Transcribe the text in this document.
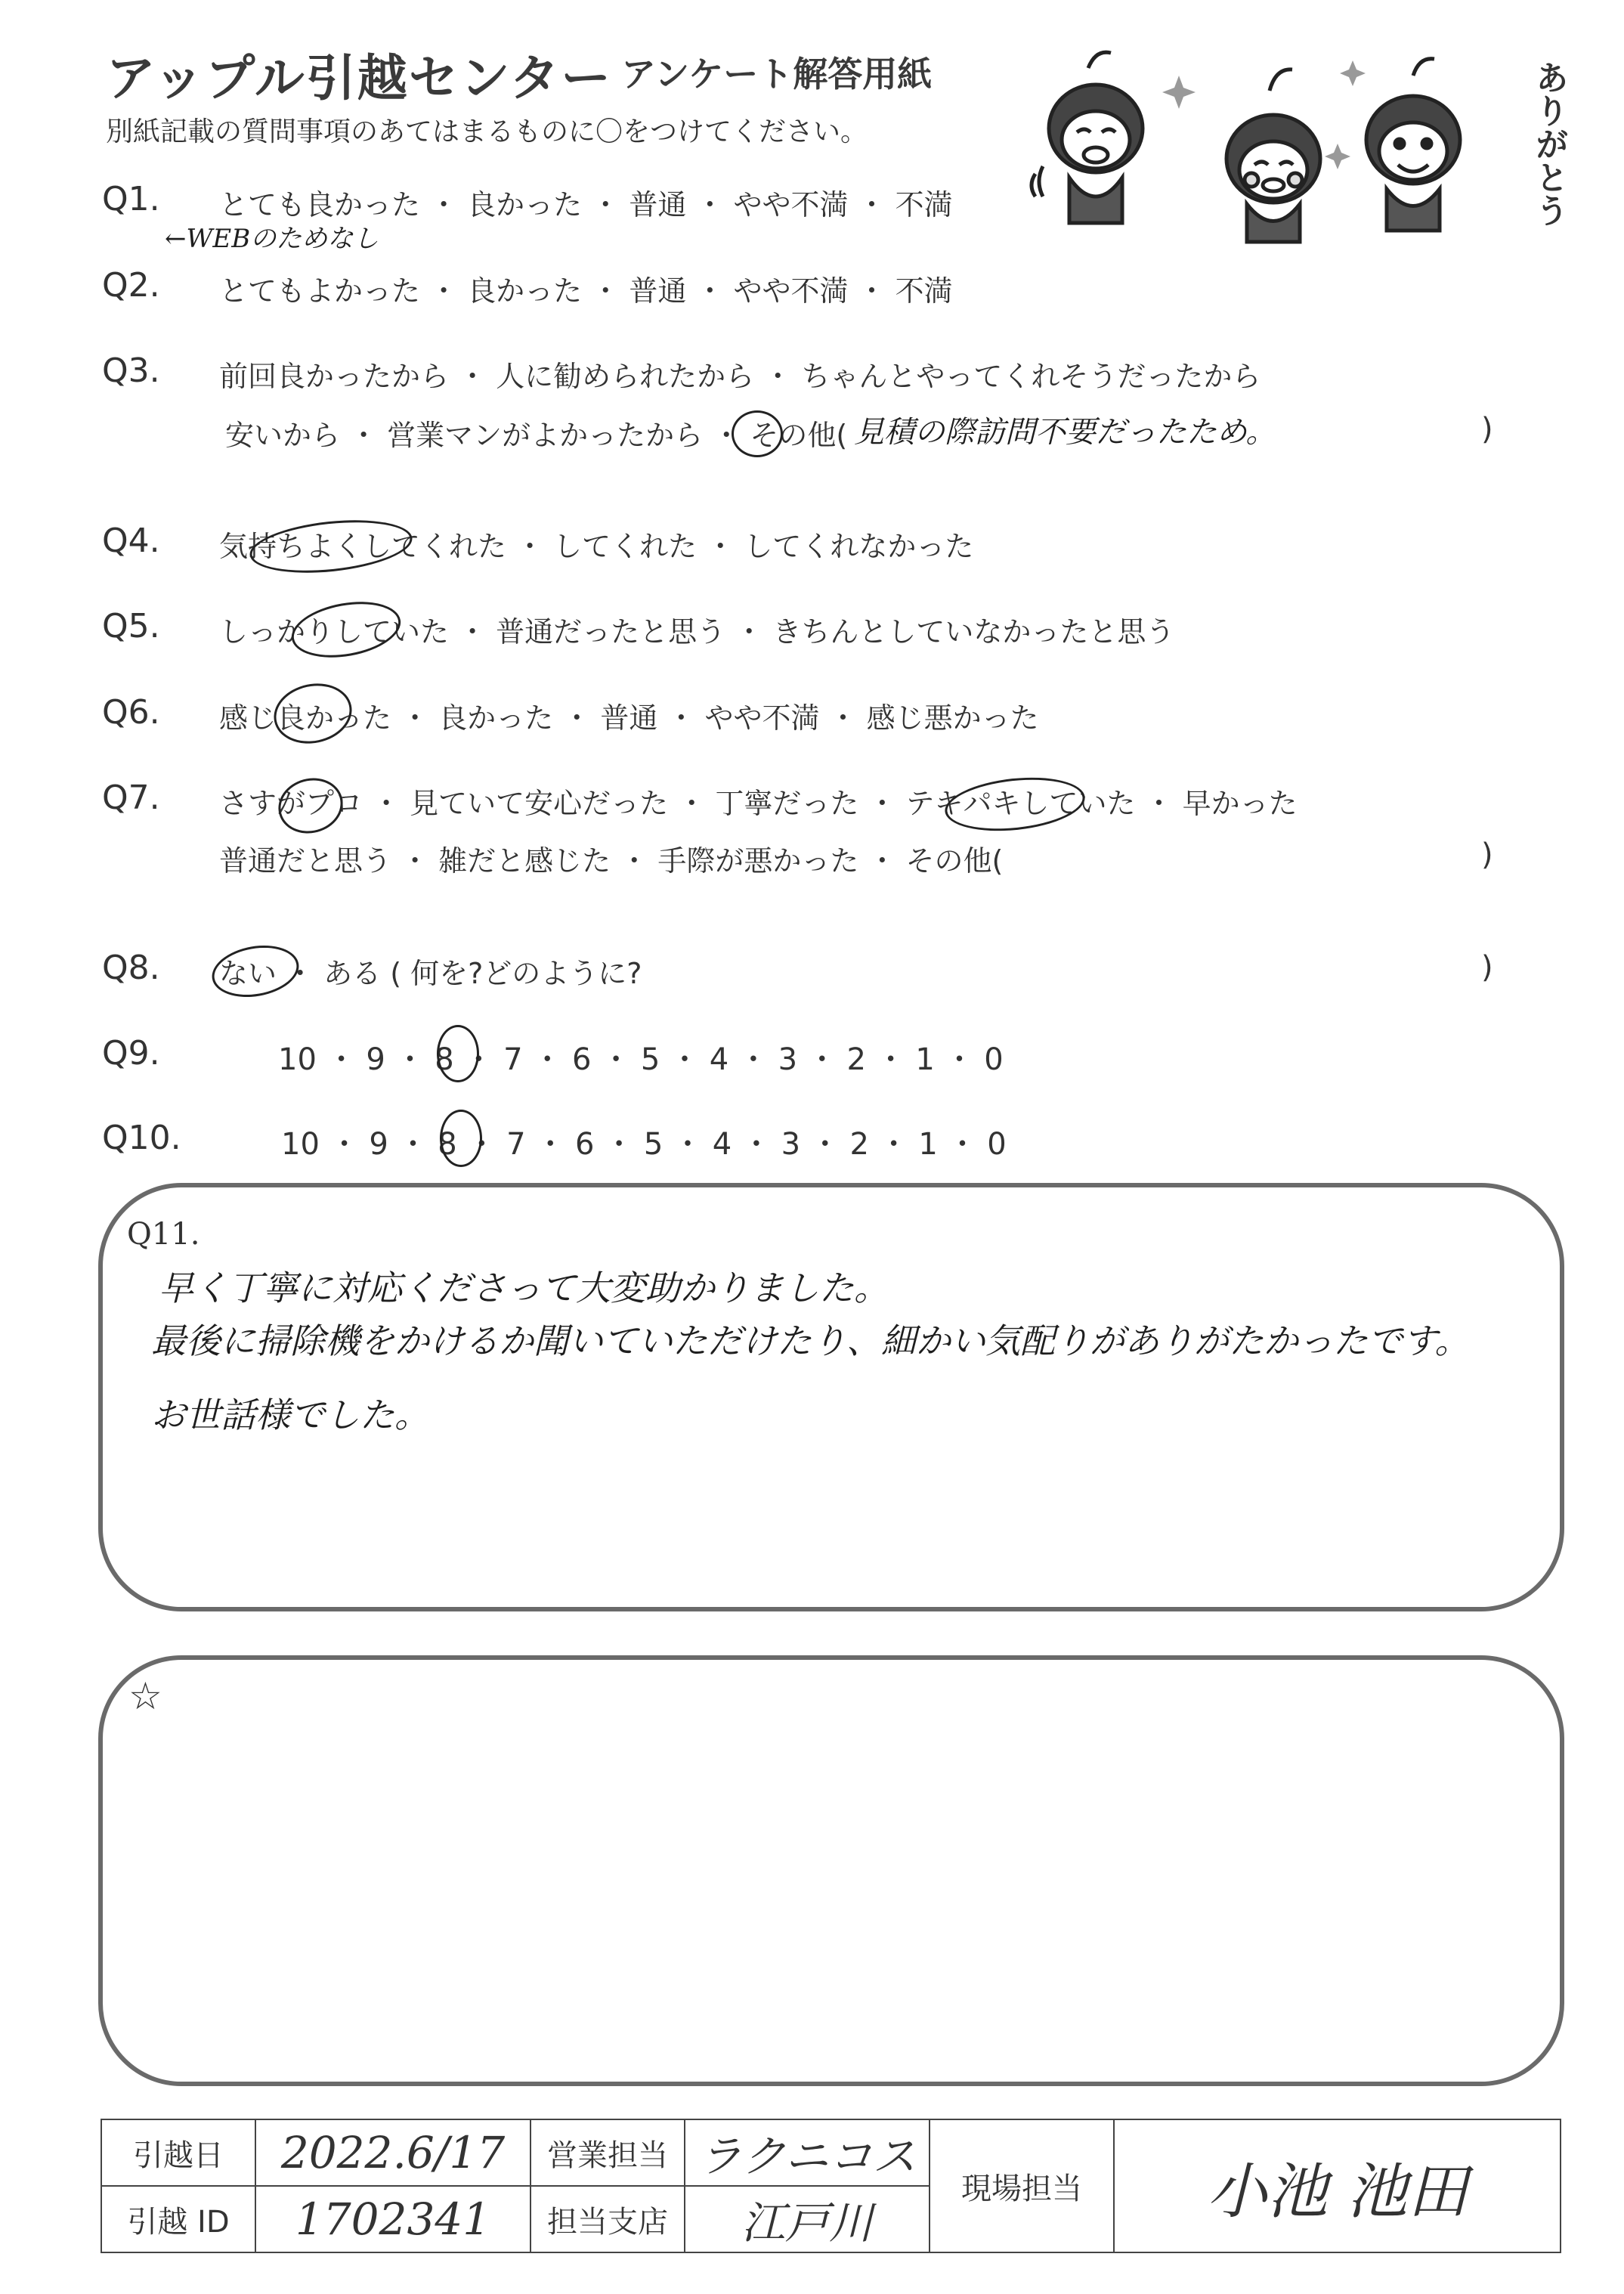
アップル引越センター アンケート解答用紙
別紙記載の質問事項のあてはまるものに〇をつけてください。	ありがとう
Q1. とても良かった ・ 良かった ・ 普通 ・ やや不満 ・ 不満
←WEBのためなし
Q2. とてもよかった ・ 良かった ・ 普通 ・ やや不満 ・ 不満
Q3. 前回良かったから ・ 人に勧められたから ・ ちゃんとやってくれそうだったから
安いから ・ 営業マンがよかったから ・ その他( 見積の際訪問不要だったため。	)
Q4. 気持ちよくしてくれた ・ してくれた ・ してくれなかった
Q5. しっかりしていた ・ 普通だったと思う ・ きちんとしていなかったと思う
Q6. 感じ良かった ・ 良かった ・ 普通 ・ やや不満 ・ 感じ悪かった
Q7. さすがプロ ・ 見ていて安心だった ・ 丁寧だった ・ テキパキしていた ・ 早かった
普通だと思う ・ 雑だと感じた ・ 手際が悪かった ・ その他(	)
Q8. ない ・ ある ( 何を?どのように?	)
Q9.	10 ・ 9 ・ 8 ・ 7 ・ 6 ・ 5 ・ 4 ・ 3 ・ 2 ・ 1 ・ 0
Q10.	10 ・ 9 ・ 8 ・ 7 ・ 6 ・ 5 ・ 4 ・ 3 ・ 2 ・ 1 ・ 0
Q11.
早く丁寧に対応くださって大変助かりました。
最後に掃除機をかけるか聞いていただけたり、細かい気配りがありがたかったです。
お世話様でした。
☆
引越日	2022.6/17	営業担当	ラクニコス	現場担当	小池 池田
引越 ID	1702341	担当支店	江戸川		
